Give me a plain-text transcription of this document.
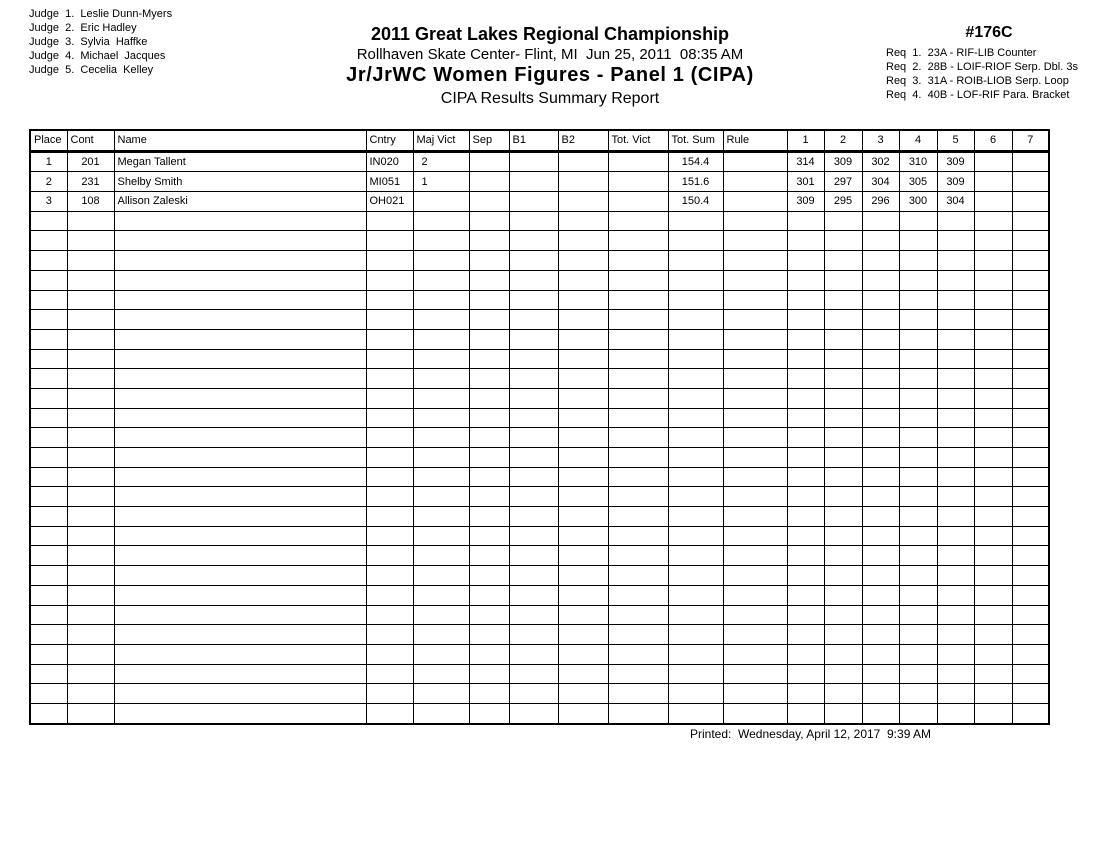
Judge  1.  Leslie Dunn-Myers
Judge  2.  Eric Hadley
Judge  3.  Sylvia  Haffke
Judge  4.  Michael  Jacques
Judge  5.  Cecelia  Kelley
2011 Great Lakes Regional Championship
Rollhaven Skate Center- Flint, MI  Jun 25, 2011  08:35 AM
Jr/JrWC Women Figures - Panel 1 (CIPA)
CIPA Results Summary Report
#176C
Req  1.  23A - RIF-LIB Counter
Req  2.  28B - LOIF-RIOF Serp. Dbl. 3s
Req  3.  31A - ROIB-LIOB Serp. Loop
Req  4.  40B - LOF-RIF Para. Bracket
Place	Cont	Name	Cntry	Maj Vict	Sep	B1	B2	Tot. Vict	Tot. Sum	Rule	1	2	3	4	5	6	7
1	201	Megan Tallent	IN020	2					154.4		314	309	302	310	309		
2	231	Shelby Smith	MI051	1					151.6		301	297	304	305	309		
3	108	Allison Zaleski	OH021						150.4		309	295	296	300	304		

Printed:  Wednesday, April 12, 2017  9:39 AM
